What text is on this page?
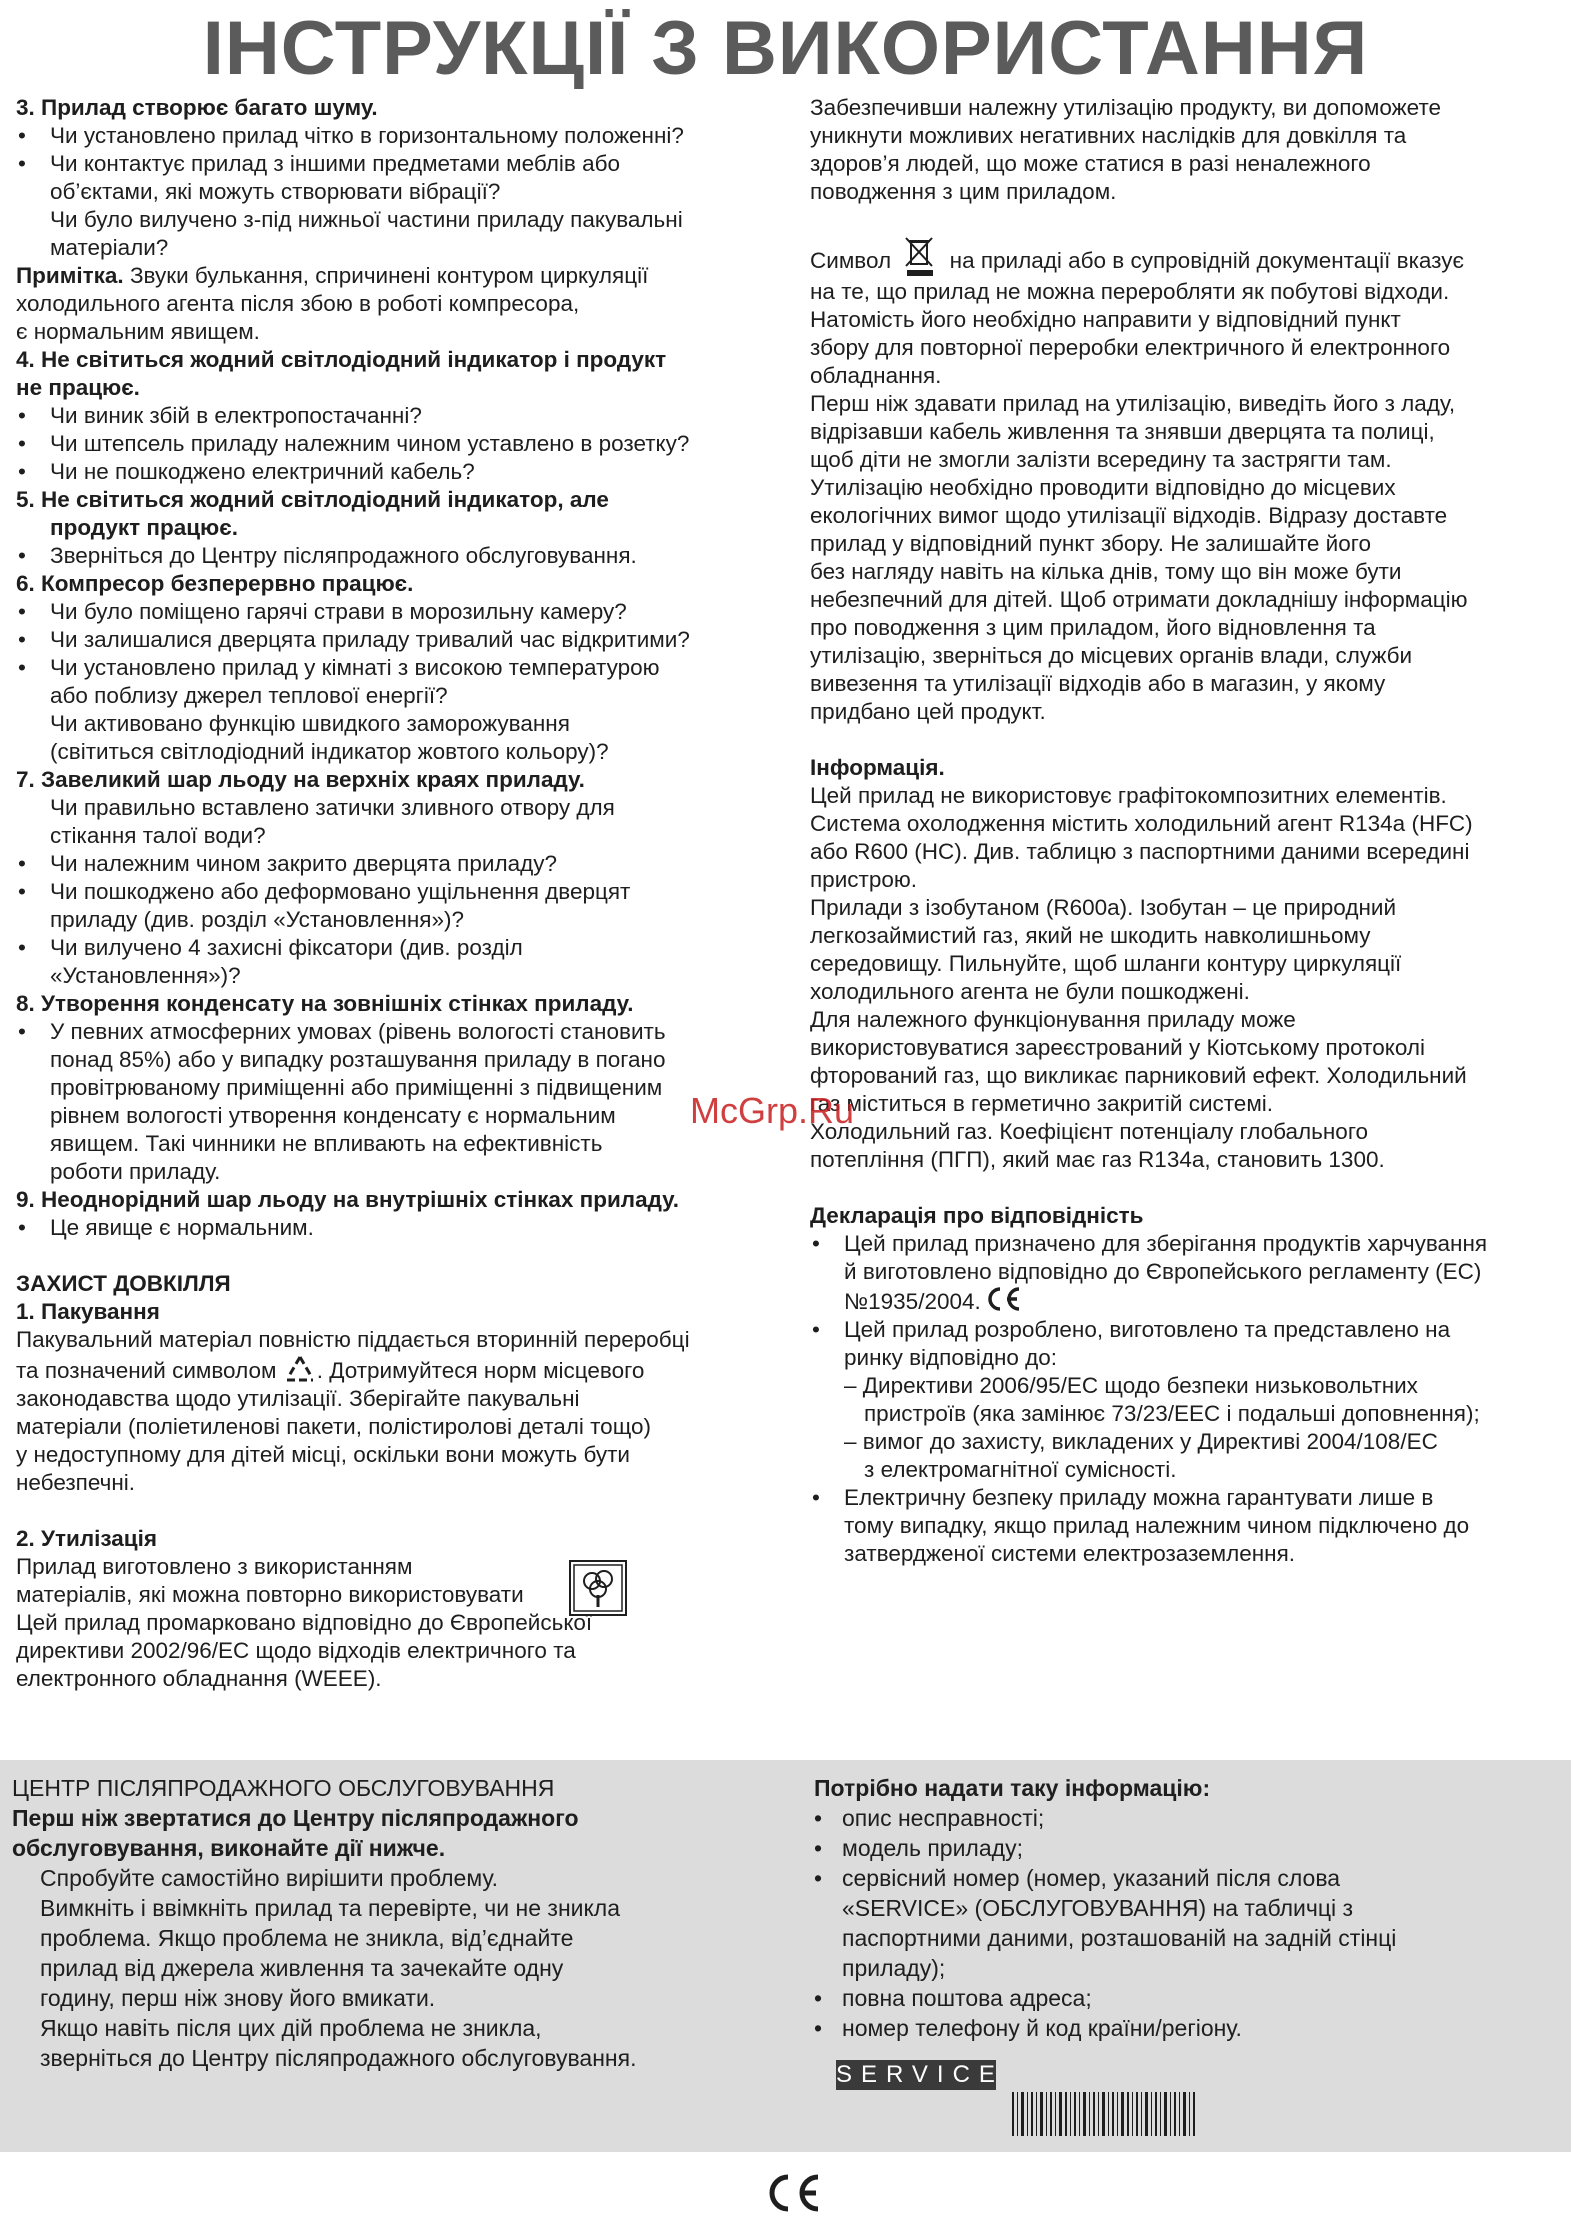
ІНСТРУКЦІЇ З ВИКОРИСТАННЯ
3. Прилад створює багато шуму.
• Чи установлено прилад чітко в горизонтальному положенні?
• Чи контактує прилад з іншими предметами меблів або
об’єктами, які можуть створювати вібрації?
Чи було вилучено з-під нижньої частини приладу пакувальні
матеріали?
Примітка. Звуки булькання, спричинені контуром циркуляції
холодильного агента після збою в роботі компресора,
є нормальним явищем.
4. Не світиться жодний світлодіодний індикатор і продукт
не працює.
• Чи виник збій в електропостачанні?
• Чи штепсель приладу належним чином уставлено в розетку?
• Чи не пошкоджено електричний кабель?
5. Не світиться жодний світлодіодний індикатор, але
продукт працює.
• Зверніться до Центру післяпродажного обслуговування.
6. Компресор безперервно працює.
• Чи було поміщено гарячі страви в морозильну камеру?
• Чи залишалися дверцята приладу тривалий час відкритими?
• Чи установлено прилад у кімнаті з високою температурою
або поблизу джерел теплової енергії?
Чи активовано функцію швидкого заморожування
(світиться світлодіодний індикатор жовтого кольору)?
7. Завеликий шар льоду на верхніх краях приладу.
Чи правильно вставлено затички зливного отвору для
стікання талої води?
• Чи належним чином закрито дверцята приладу?
• Чи пошкоджено або деформовано ущільнення дверцят
приладу (див. розділ «Установлення»)?
• Чи вилучено 4 захисні фіксатори (див. розділ
«Установлення»)?
8. Утворення конденсату на зовнішніх стінках приладу.
• У певних атмосферних умовах (рівень вологості становить
понад 85%) або у випадку розташування приладу в погано
провітрюваному приміщенні або приміщенні з підвищеним
рівнем вологості утворення конденсату є нормальним
явищем. Такі чинники не впливають на ефективність
роботи приладу.
9. Неоднорідний шар льоду на внутрішніх стінках приладу.
• Це явище є нормальним.
ЗАХИСТ ДОВКІЛЛЯ
1. Пакування
Пакувальний матеріал повністю піддається вторинній переробці
та позначений символом . Дотримуйтеся норм місцевого
законодавства щодо утилізації. Зберігайте пакувальні
матеріали (поліетиленові пакети, полістиролові деталі тощо)
у недоступному для дітей місці, оскільки вони можуть бути
небезпечні.
2. Утилізація
Прилад виготовлено з використанням
матеріалів, які можна повторно використовувати
Цей прилад промарковано відповідно до Європейської
директиви 2002/96/EC щодо відходів електричного та
електронного обладнання (WEEE).
Забезпечивши належну утилізацію продукту, ви допоможете
уникнути можливих негативних наслідків для довкілля та
здоров’я людей, що може статися в разі неналежного
поводження з цим приладом.
Символ  на приладі або в супровідній документації вказує
на те, що прилад не можна переробляти як побутові відходи.
Натомість його необхідно направити у відповідний пункт
збору для повторної переробки електричного й електронного
обладнання.
Перш ніж здавати прилад на утилізацію, виведіть його з ладу,
відрізавши кабель живлення та знявши дверцята та полиці,
щоб діти не змогли залізти всередину та застрягти там.
Утилізацію необхідно проводити відповідно до місцевих
екологічних вимог щодо утилізації відходів. Відразу доставте
прилад у відповідний пункт збору. Не залишайте його
без нагляду навіть на кілька днів, тому що він може бути
небезпечний для дітей. Щоб отримати докладнішу інформацію
про поводження з цим приладом, його відновлення та
утилізацію, зверніться до місцевих органів влади, служби
вивезення та утилізації відходів або в магазин, у якому
придбано цей продукт.
Інформація.
Цей прилад не використовує графітокомпозитних елементів.
Система охолодження містить холодильний агент R134a (HFC)
або R600 (HC). Див. таблицю з паспортними даними всередині
пристрою.
Прилади з ізобутаном (R600a). Ізобутан – це природний
легкозаймистий газ, який не шкодить навколишньому
середовищу. Пильнуйте, щоб шланги контуру циркуляції
холодильного агента не були пошкоджені.
Для належного функціонування приладу може
використовуватися зареєстрований у Кіотському протоколі
фторований газ, що викликає парниковий ефект. Холодильний
газ міститься в герметично закритій системі.
Холодильний газ. Коефіцієнт потенціалу глобального
потепління (ПГП), який має газ R134a, становить 1300.
Декларація про відповідність
• Цей прилад призначено для зберігання продуктів харчування
й виготовлено відповідно до Європейського регламенту (ЕС)
№1935/2004.
• Цей прилад розроблено, виготовлено та представлено на
ринку відповідно до:
– Директиви 2006/95/EC щодо безпеки низьковольтних
пристроїв (яка замінює 73/23/EEC і подальші доповнення);
– вимог до захисту, викладених у Директиві 2004/108/EC
з електромагнітної сумісності.
• Електричну безпеку приладу можна гарантувати лише в
тому випадку, якщо прилад належним чином підключено до
затвердженої системи електрозаземлення.
McGrp.Ru
ЦЕНТР ПІСЛЯПРОДАЖНОГО ОБСЛУГОВУВАННЯ
Перш ніж звертатися до Центру післяпродажного
обслуговування, виконайте дії нижче.
Спробуйте самостійно вирішити проблему.
Вимкніть і ввімкніть прилад та перевірте, чи не зникла
проблема. Якщо проблема не зникла, від’єднайте
прилад від джерела живлення та зачекайте одну
годину, перш ніж знову його вмикати.
Якщо навіть після цих дій проблема не зникла,
зверніться до Центру післяпродажного обслуговування.
Потрібно надати таку інформацію:
• опис несправності;
• модель приладу;
• сервісний номер (номер, указаний після слова
«SERVICE» (ОБСЛУГОВУВАННЯ) на табличці з
паспортними даними, розташованій на задній стінці
приладу);
• повна поштова адреса;
• номер телефону й код країни/регіону.
SERVICE
